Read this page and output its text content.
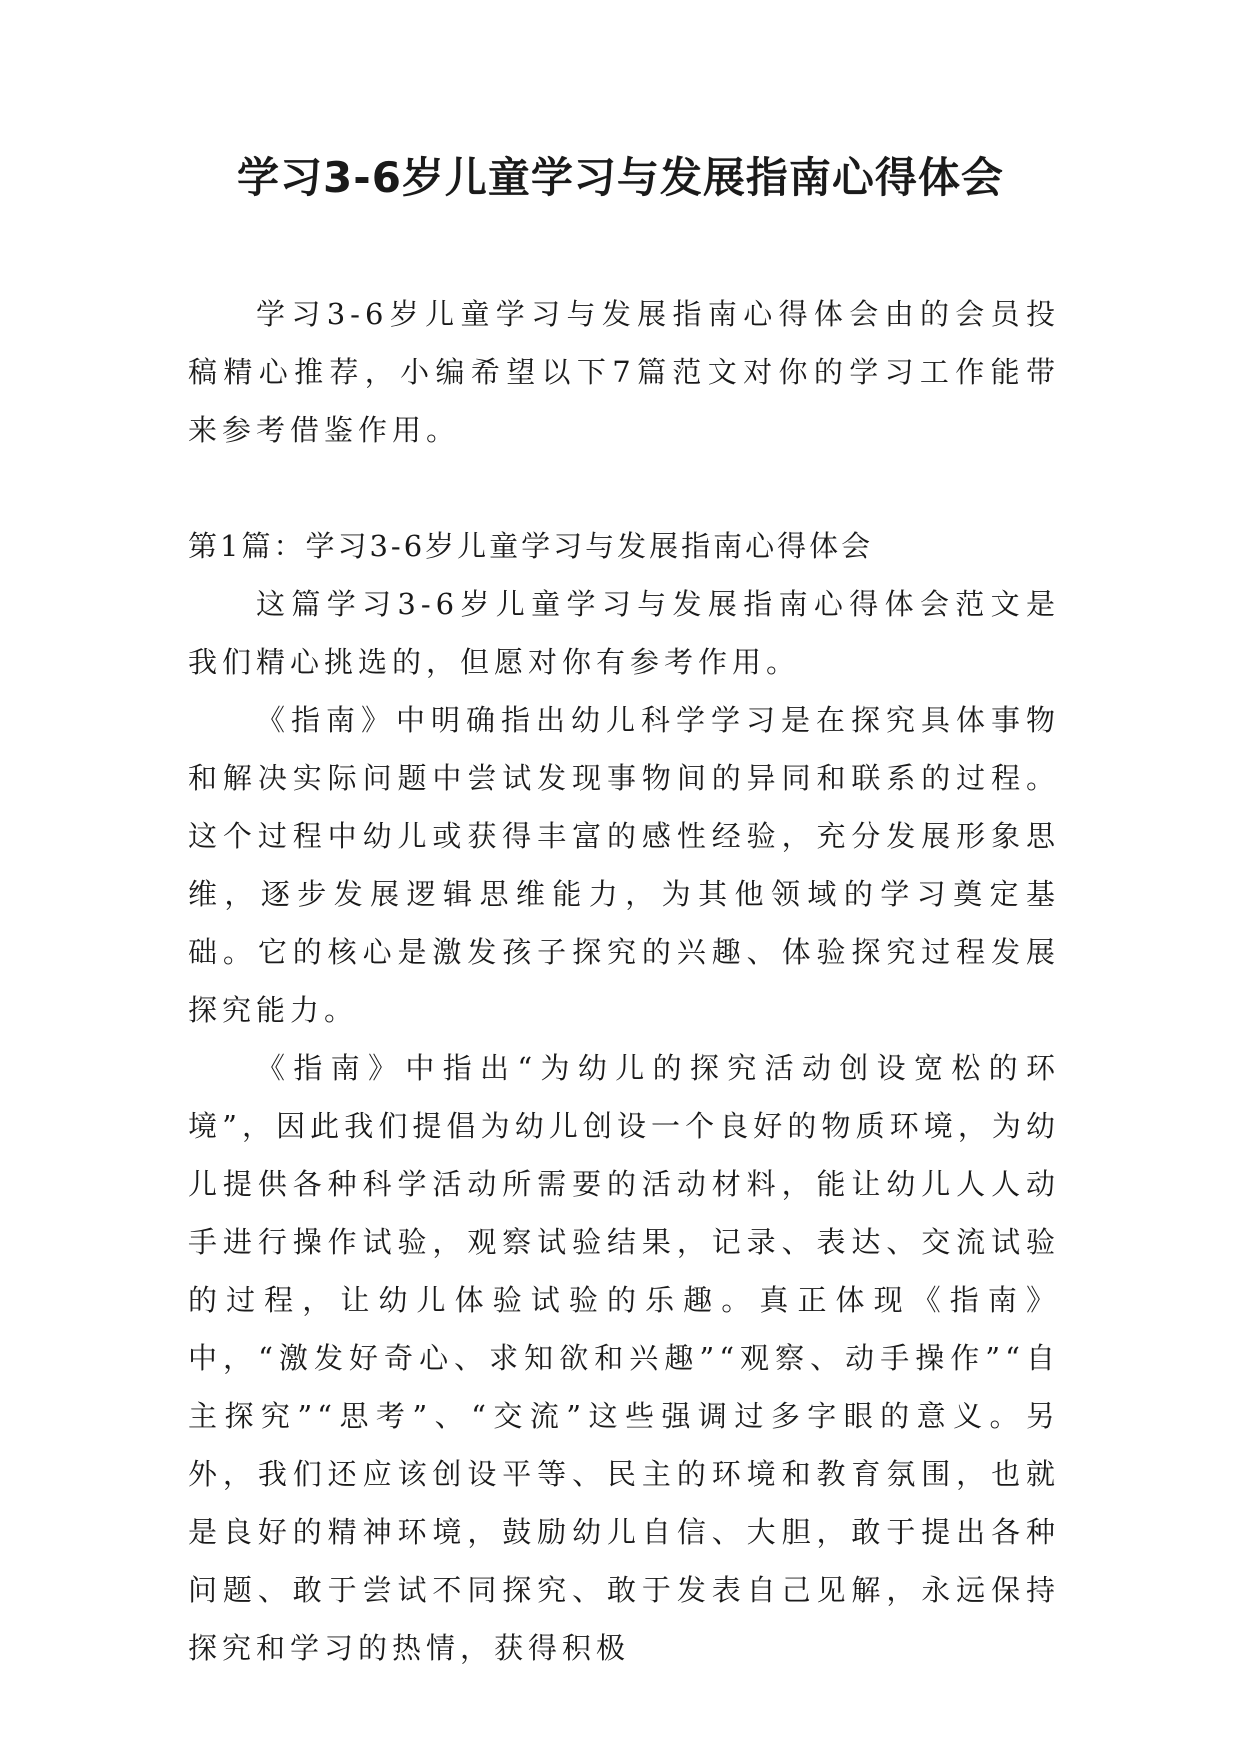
学习3-6岁儿童学习与发展指南心得体会

学习3-6岁儿童学习与发展指南心得体会由的会员投稿精心推荐，小编希望以下7篇范文对你的学习工作能带来参考借鉴作用。

第1篇：学习3-6岁儿童学习与发展指南心得体会

这篇学习3-6岁儿童学习与发展指南心得体会范文是我们精心挑选的，但愿对你有参考作用。

《指南》中明确指出幼儿科学学习是在探究具体事物和解决实际问题中尝试发现事物间的异同和联系的过程。这个过程中幼儿或获得丰富的感性经验，充分发展形象思维，逐步发展逻辑思维能力，为其他领域的学习奠定基础。它的核心是激发孩子探究的兴趣、体验探究过程发展探究能力。

《指南》中指出“为幼儿的探究活动创设宽松的环境”，因此我们提倡为幼儿创设一个良好的物质环境，为幼儿提供各种科学活动所需要的活动材料，能让幼儿人人动手进行操作试验，观察试验结果，记录、表达、交流试验的过程，让幼儿体验试验的乐趣。真正体现《指南》中，“激发好奇心、求知欲和兴趣”“观察、动手操作”“自主探究”“思考”、“交流”这些强调过多字眼的意义。另外，我们还应该创设平等、民主的环境和教育氛围，也就是良好的精神环境，鼓励幼儿自信、大胆，敢于提出各种问题、敢于尝试不同探究、敢于发表自己见解，永远保持探究和学习的热情，获得积极
